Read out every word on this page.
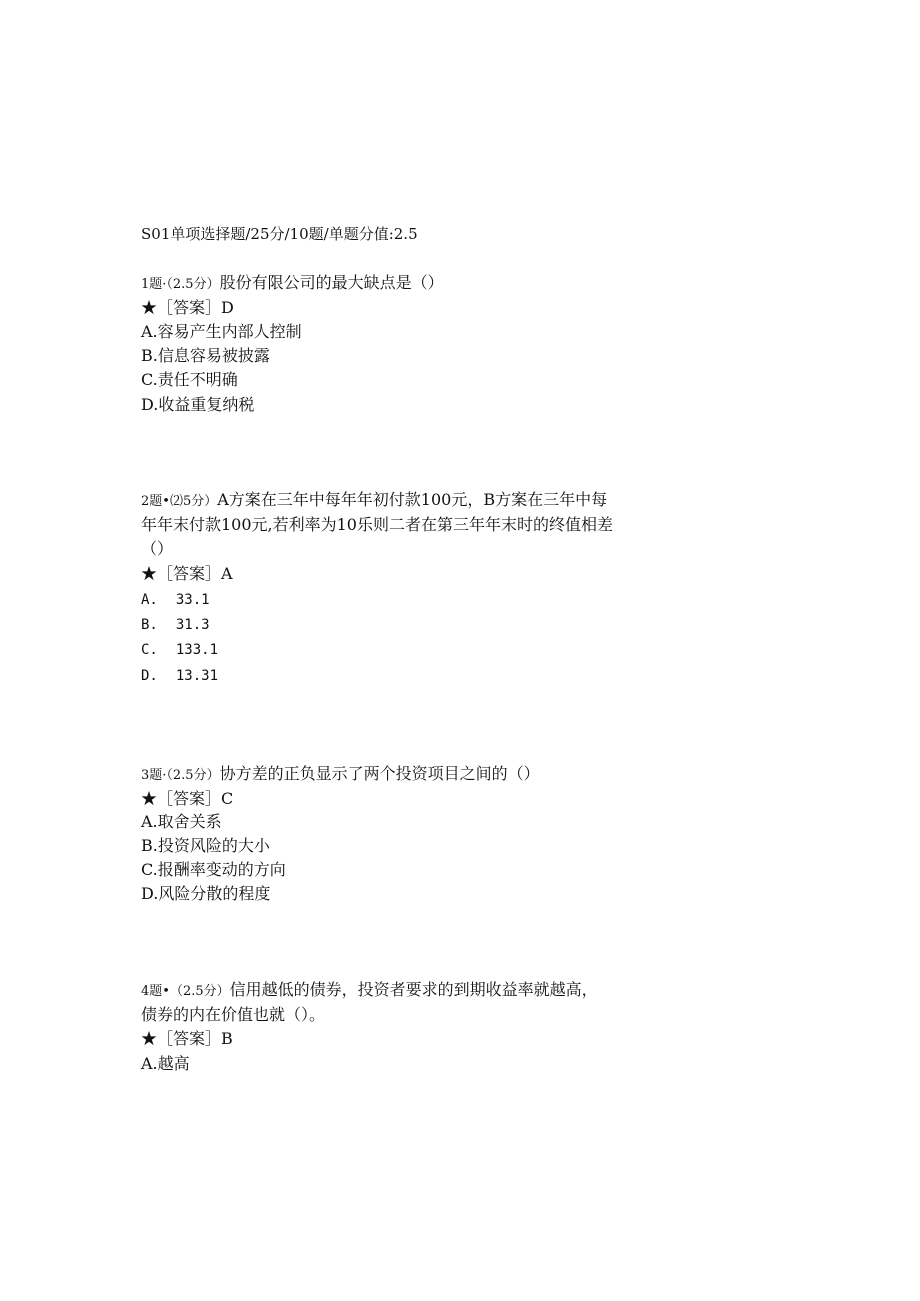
S01单项选择题/25分/10题/单题分值:2.5
1题·（2.5分）股份有限公司的最大缺点是（）
★［答案］D
A.容易产生内部人控制
B.信息容易被披露
C.责任不明确
D.收益重复纳税
2题•⑵5分）A方案在三年中每年年初付款100元，B方案在三年中每
年年末付款100元,若利率为10乐则二者在第三年年末时的终值相差
（）
★［答案］A
A. 33.1
B. 31.3
C. 133.1
D. 13.31
3题·（2.5分）协方差的正负显示了两个投资项目之间的（）
★［答案］C
A.取舍关系
B.投资风险的大小
C.报酬率变动的方向
D.风险分散的程度
4题•（2.5分）信用越低的债券，投资者要求的到期收益率就越高，
债券的内在价值也就（）。
★［答案］B
A.越高
